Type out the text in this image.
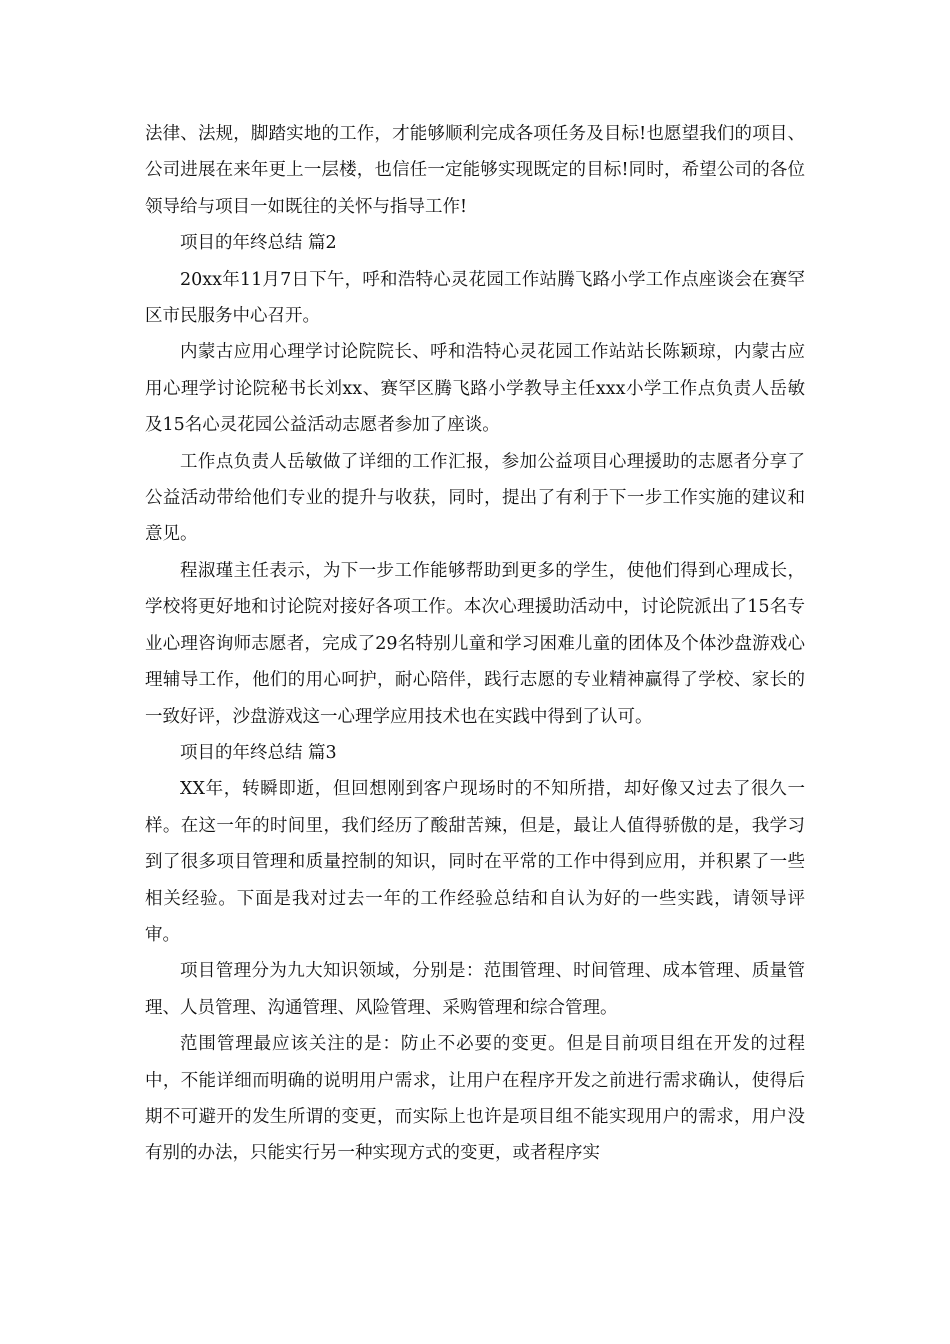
法律、法规，脚踏实地的工作，才能够顺利完成各项任务及目标!也愿望我们的项目、公司进展在来年更上一层楼，也信任一定能够实现既定的目标!同时，希望公司的各位领导给与项目一如既往的关怀与指导工作!

项目的年终总结 篇2

20xx年11月7日下午，呼和浩特心灵花园工作站腾飞路小学工作点座谈会在赛罕区市民服务中心召开。

内蒙古应用心理学讨论院院长、呼和浩特心灵花园工作站站长陈颖琼，内蒙古应用心理学讨论院秘书长刘xx、赛罕区腾飞路小学教导主任xxx小学工作点负责人岳敏及15名心灵花园公益活动志愿者参加了座谈。

工作点负责人岳敏做了详细的工作汇报，参加公益项目心理援助的志愿者分享了公益活动带给他们专业的提升与收获，同时，提出了有利于下一步工作实施的建议和意见。

程淑瑾主任表示，为下一步工作能够帮助到更多的学生，使他们得到心理成长，学校将更好地和讨论院对接好各项工作。本次心理援助活动中，讨论院派出了15名专业心理咨询师志愿者，完成了29名特别儿童和学习困难儿童的团体及个体沙盘游戏心理辅导工作，他们的用心呵护，耐心陪伴，践行志愿的专业精神赢得了学校、家长的一致好评，沙盘游戏这一心理学应用技术也在实践中得到了认可。

项目的年终总结 篇3

XX年，转瞬即逝，但回想刚到客户现场时的不知所措，却好像又过去了很久一样。在这一年的时间里，我们经历了酸甜苦辣，但是，最让人值得骄傲的是，我学习到了很多项目管理和质量控制的知识，同时在平常的工作中得到应用，并积累了一些相关经验。下面是我对过去一年的工作经验总结和自认为好的一些实践，请领导评审。

项目管理分为九大知识领域，分别是：范围管理、时间管理、成本管理、质量管理、人员管理、沟通管理、风险管理、采购管理和综合管理。

范围管理最应该关注的是：防止不必要的变更。但是目前项目组在开发的过程中，不能详细而明确的说明用户需求，让用户在程序开发之前进行需求确认，使得后期不可避开的发生所谓的变更，而实际上也许是项目组不能实现用户的需求，用户没有别的办法，只能实行另一种实现方式的变更，或者程序实
